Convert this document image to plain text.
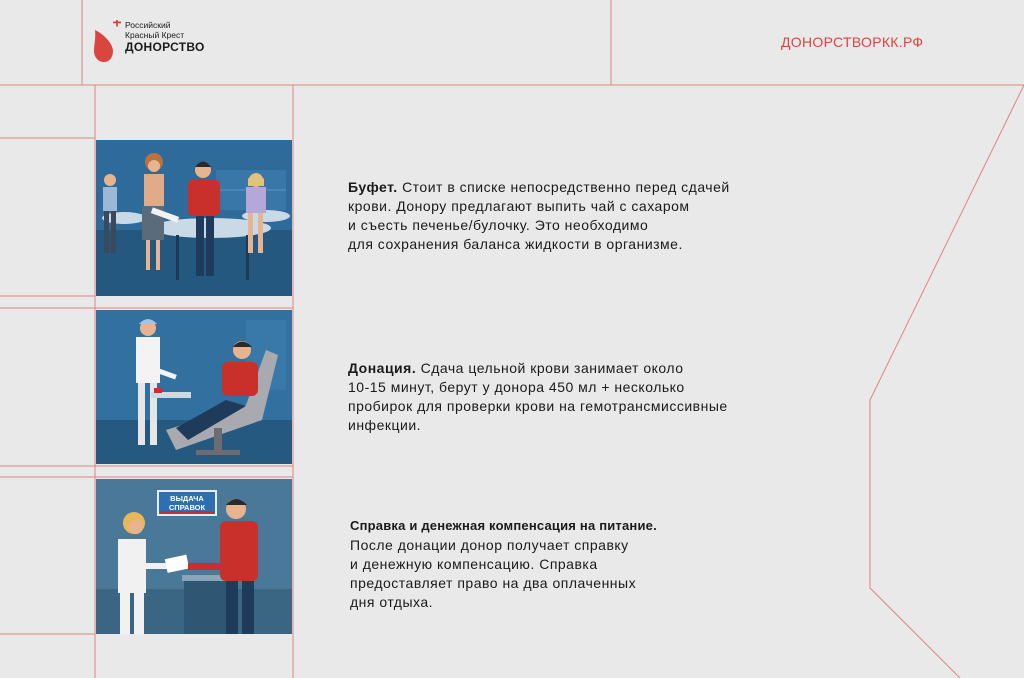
Российский
Красный Крест
ДОНОРСТВО	ДОНОРСТВОРКК.РФ
ВЫДАЧА
СПРАВОК
Буфет. Стоит в списке непосредственно перед сдачей
крови. Донору предлагают выпить чай с сахаром
и съесть печенье/булочку. Это необходимо
для сохранения баланса жидкости в организме.
Донация. Сдача цельной крови занимает около
10-15 минут, берут у донора 450 мл + несколько
пробирок для проверки крови на гемотрансмиссивные
инфекции.
Справка и денежная компенсация на питание.
После донации донор получает справку
и денежную компенсацию. Справка
предоставляет право на два оплаченных
дня отдыха.
